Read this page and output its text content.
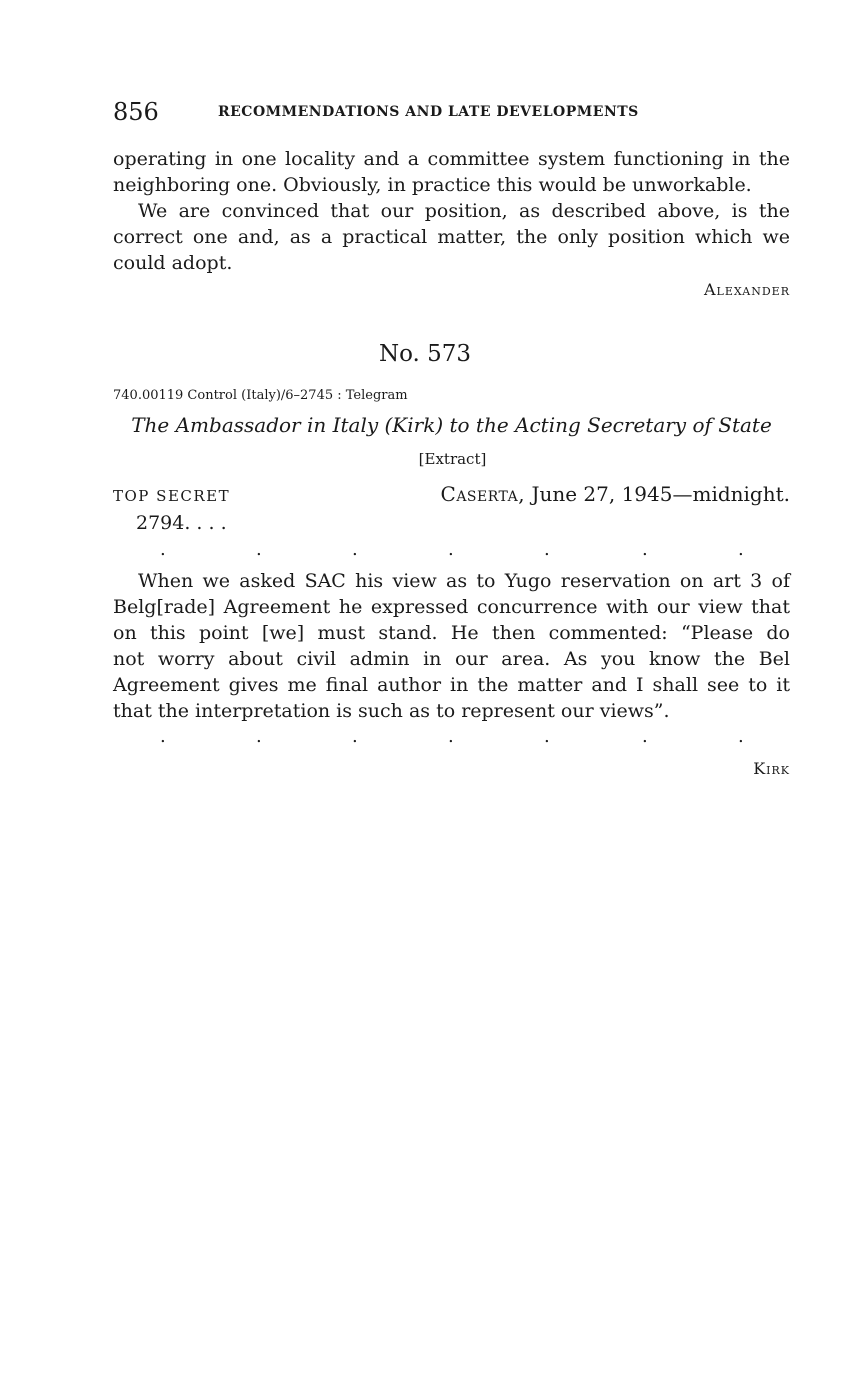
856	RECOMMENDATIONS AND LATE DEVELOPMENTS
operating in one locality and a committee system functioning in the
neighboring one. Obviously, in practice this would be unworkable.
We are convinced that our position, as described above, is the
correct one and, as a practical matter, the only position which we
could adopt.
Alexander
No. 573
740.00119 Control (Italy)/6–2745 : Telegram
The Ambassador in Italy (Kirk) to the Acting Secretary of State
[Extract]
TOP SECRET	Caserta, June 27, 1945—midnight.
2794. . . .
.	.	.	.	.	.	.
When we asked SAC his view as to Yugo reservation on art 3 of
Belg[rade] Agreement he expressed concurrence with our view that
on this point [we] must stand. He then commented: “Please do
not worry about civil admin in our area. As you know the Bel
Agreement gives me final author in the matter and I shall see to it
that the interpretation is such as to represent our views”.
.	.	.	.	.	.	.
Kirk
